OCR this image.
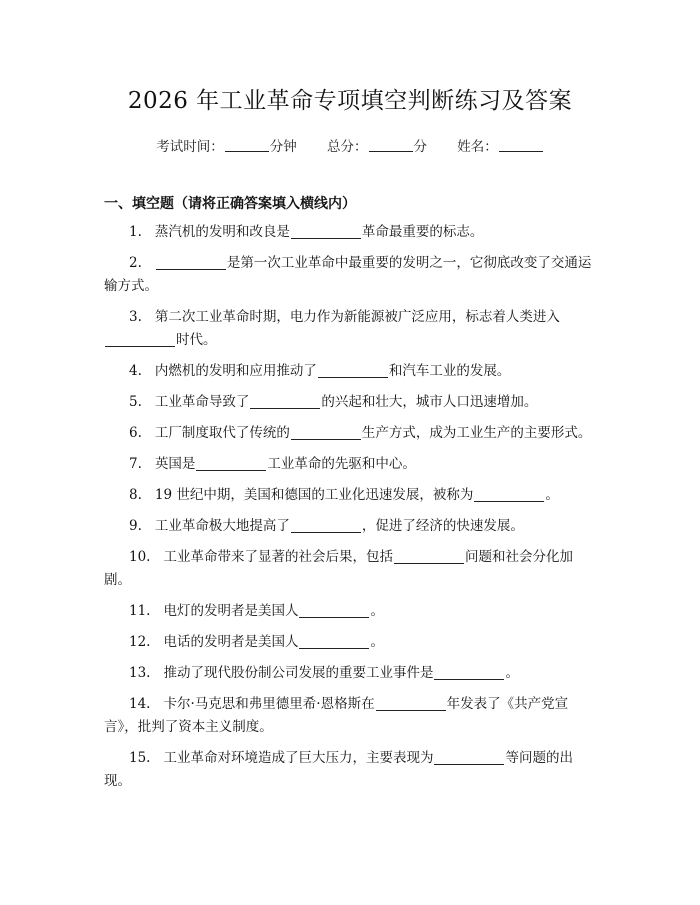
2026 年工业革命专项填空判断练习及答案
考试时间：	分钟 总分：	分 姓名：
一、填空题（请将正确答案填入横线内）
1. 蒸汽机的发明和改良是	革命最重要的标志。
2.	是第一次工业革命中最重要的发明之一，它彻底改变了交通运输方式。
3. 第二次工业革命时期，电力作为新能源被广泛应用，标志着人类进入时代。
4. 内燃机的发明和应用推动了	和汽车工业的发展。
5. 工业革命导致了	的兴起和壮大，城市人口迅速增加。
6. 工厂制度取代了传统的	生产方式，成为工业生产的主要形式。
7. 英国是	工业革命的先驱和中心。
8. 19 世纪中期，美国和德国的工业化迅速发展，被称为	。
9. 工业革命极大地提高了	，促进了经济的快速发展。
10. 工业革命带来了显著的社会后果，包括	问题和社会分化加剧。
11. 电灯的发明者是美国人	。
12. 电话的发明者是美国人	。
13. 推动了现代股份制公司发展的重要工业事件是	。
14. 卡尔·马克思和弗里德里希·恩格斯在	年发表了《共产党宣言》，批判了资本主义制度。
15. 工业革命对环境造成了巨大压力，主要表现为	等问题的出现。
